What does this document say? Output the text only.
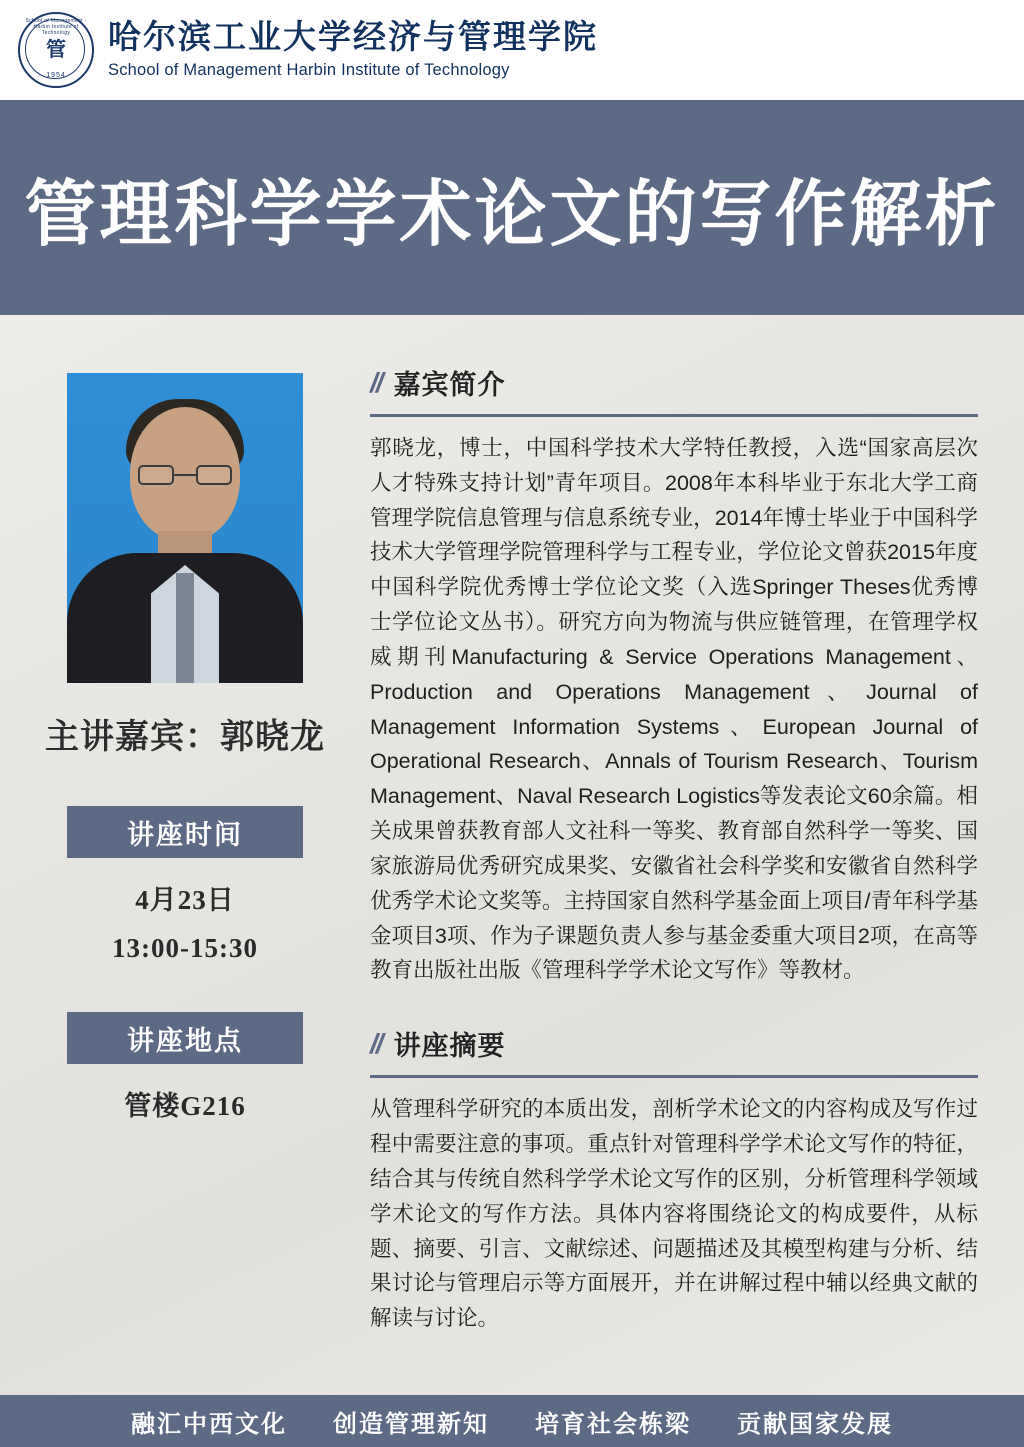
School of Management · Harbin Institute of Technology
管
1954
哈尔滨工业大学经济与管理学院
School of Management Harbin Institute of Technology
管理科学学术论文的写作解析
主讲嘉宾：郭晓龙
讲座时间
4月23日
13:00-15:30
讲座地点
管楼G216
// 嘉宾简介
郭晓龙，博士，中国科学技术大学特任教授，入选“国家高层次人才特殊支持计划”青年项目。2008年本科毕业于东北大学工商管理学院信息管理与信息系统专业，2014年博士毕业于中国科学技术大学管理学院管理科学与工程专业，学位论文曾获2015年度中国科学院优秀博士学位论文奖（入选Springer Theses优秀博士学位论文丛书）。研究方向为物流与供应链管理，在管理学权威期刊Manufacturing & Service Operations Management、Production and Operations Management、Journal of Management Information Systems、European Journal of Operational Research、Annals of Tourism Research、Tourism Management、Naval Research Logistics等发表论文60余篇。相关成果曾获教育部人文社科一等奖、教育部自然科学一等奖、国家旅游局优秀研究成果奖、安徽省社会科学奖和安徽省自然科学优秀学术论文奖等。主持国家自然科学基金面上项目/青年科学基金项目3项、作为子课题负责人参与基金委重大项目2项，在高等教育出版社出版《管理科学学术论文写作》等教材。
// 讲座摘要
从管理科学研究的本质出发，剖析学术论文的内容构成及写作过程中需要注意的事项。重点针对管理科学学术论文写作的特征，结合其与传统自然科学学术论文写作的区别，分析管理科学领域学术论文的写作方法。具体内容将围绕论文的构成要件，从标题、摘要、引言、文献综述、问题描述及其模型构建与分析、结果讨论与管理启示等方面展开，并在讲解过程中辅以经典文献的解读与讨论。
融汇中西文化 创造管理新知 培育社会栋梁 贡献国家发展
